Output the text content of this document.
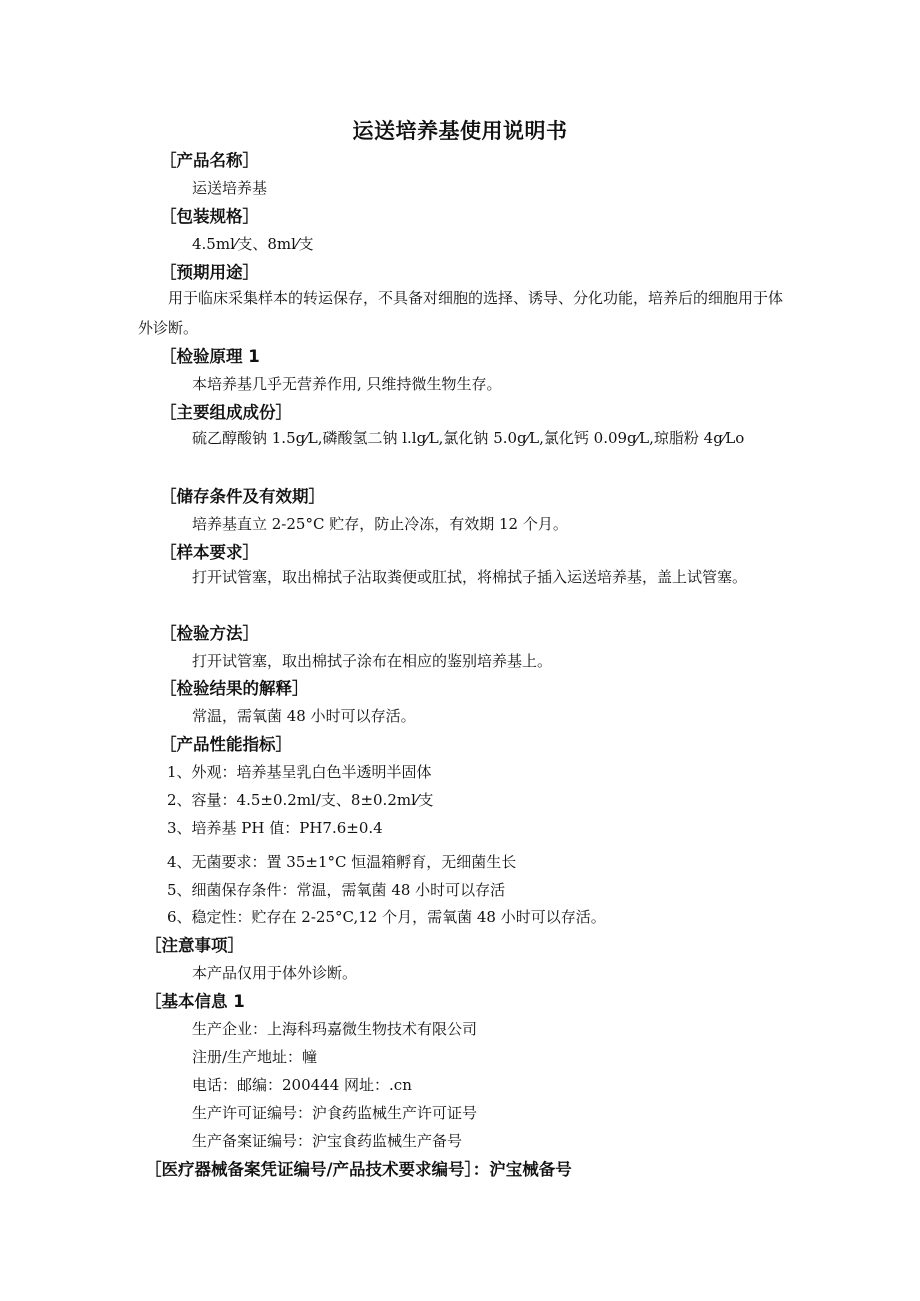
运送培养基使用说明书
［产品名称］
运送培养基
［包装规格］
4.5ml⁄支、8ml⁄支
［预期用途］
用于临床采集样本的转运保存，不具备对细胞的选择、诱导、分化功能，培养后的细胞用于体外诊断。
［检验原理 1
本培养基几乎无营养作用, 只维持微生物生存。
［主要组成成份］
硫乙醇酸钠 1.5g⁄L,磷酸氢二钠 l.lg⁄L,氯化钠 5.0g⁄L,氯化钙 0.09g⁄L,琼脂粉 4g⁄Lo
［储存条件及有效期］
培养基直立 2-25°C 贮存，防止冷冻，有效期 12 个月。
［样本要求］
打开试管塞，取出棉拭子沾取粪便或肛拭，将棉拭子插入运送培养基，盖上试管塞。
［检验方法］
打开试管塞，取出棉拭子涂布在相应的鉴别培养基上。
［检验结果的解释］
常温，需氧菌 48 小时可以存活。
［产品性能指标］
1、外观：培养基呈乳白色半透明半固体
2、容量：4.5±0.2ml/支、8±0.2ml⁄支
3、培养基 PH 值：PH7.6±0.4
4、无菌要求：置 35±1°C 恒温箱孵育，无细菌生长
5、细菌保存条件：常温，需氧菌 48 小时可以存活
6、稳定性：贮存在 2-25°C,12 个月，需氧菌 48 小时可以存活。
［注意事项］
本产品仅用于体外诊断。
［基本信息 1
生产企业：上海科玛嘉微生物技术有限公司
注册/生产地址：幢
电话：邮编：200444 网址：.cn
生产许可证编号：沪食药监械生产许可证号
生产备案证编号：沪宝食药监械生产备号
［医疗器械备案凭证编号/产品技术要求编号］：沪宝械备号
